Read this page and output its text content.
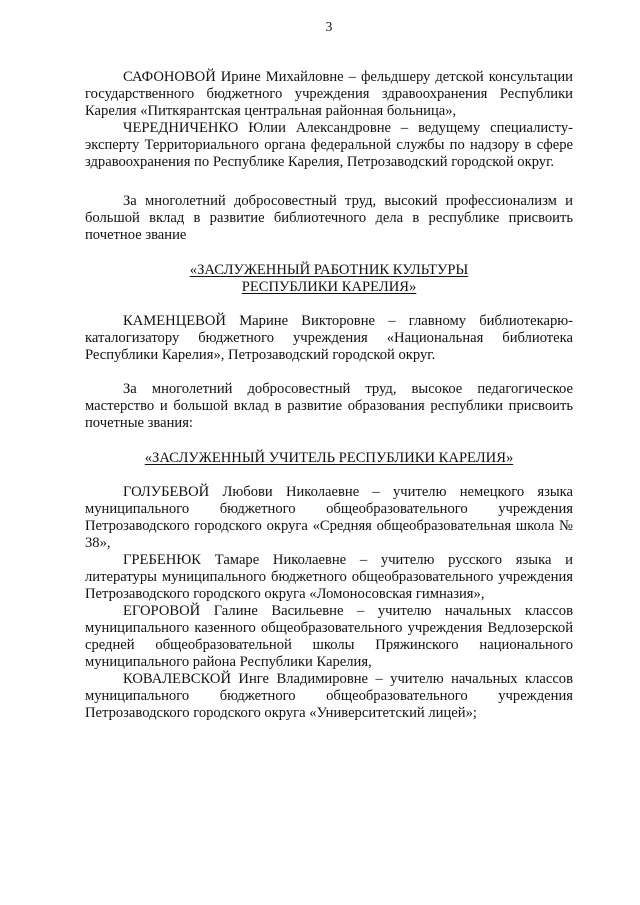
3

САФОНОВОЙ Ирине Михайловне – фельдшеру детской консультации государственного бюджетного учреждения здравоохранения Республики Карелия «Питкярантская центральная районная больница»,

ЧЕРЕДНИЧЕНКО Юлии Александровне – ведущему специалисту-эксперту Территориального органа федеральной службы по надзору в сфере здравоохранения по Республике Карелия, Петрозаводский городской округ.

За многолетний добросовестный труд, высокий профессионализм и большой вклад в развитие библиотечного дела в республике присвоить почетное звание

«ЗАСЛУЖЕННЫЙ РАБОТНИК КУЛЬТУРЫ
РЕСПУБЛИКИ КАРЕЛИЯ»

КАМЕНЦЕВОЙ Марине Викторовне – главному библиотекарю-каталогизатору бюджетного учреждения «Национальная библиотека Республики Карелия», Петрозаводский городской округ.

За многолетний добросовестный труд, высокое педагогическое мастерство и большой вклад в развитие образования республики присвоить почетные звания:

«ЗАСЛУЖЕННЫЙ УЧИТЕЛЬ РЕСПУБЛИКИ КАРЕЛИЯ»

ГОЛУБЕВОЙ Любови Николаевне – учителю немецкого языка муниципального бюджетного общеобразовательного учреждения Петрозаводского городского округа «Средняя общеобразовательная школа № 38»,

ГРЕБЕНЮК Тамаре Николаевне – учителю русского языка и литературы муниципального бюджетного общеобразовательного учреждения Петрозаводского городского округа «Ломоносовская гимназия»,

ЕГОРОВОЙ Галине Васильевне – учителю начальных классов муниципального казенного общеобразовательного учреждения Ведлозерской средней общеобразовательной школы Пряжинского национального муниципального района Республики Карелия,

КОВАЛЕВСКОЙ Инге Владимировне – учителю начальных классов муниципального бюджетного общеобразовательного учреждения Петрозаводского городского округа «Университетский лицей»;
